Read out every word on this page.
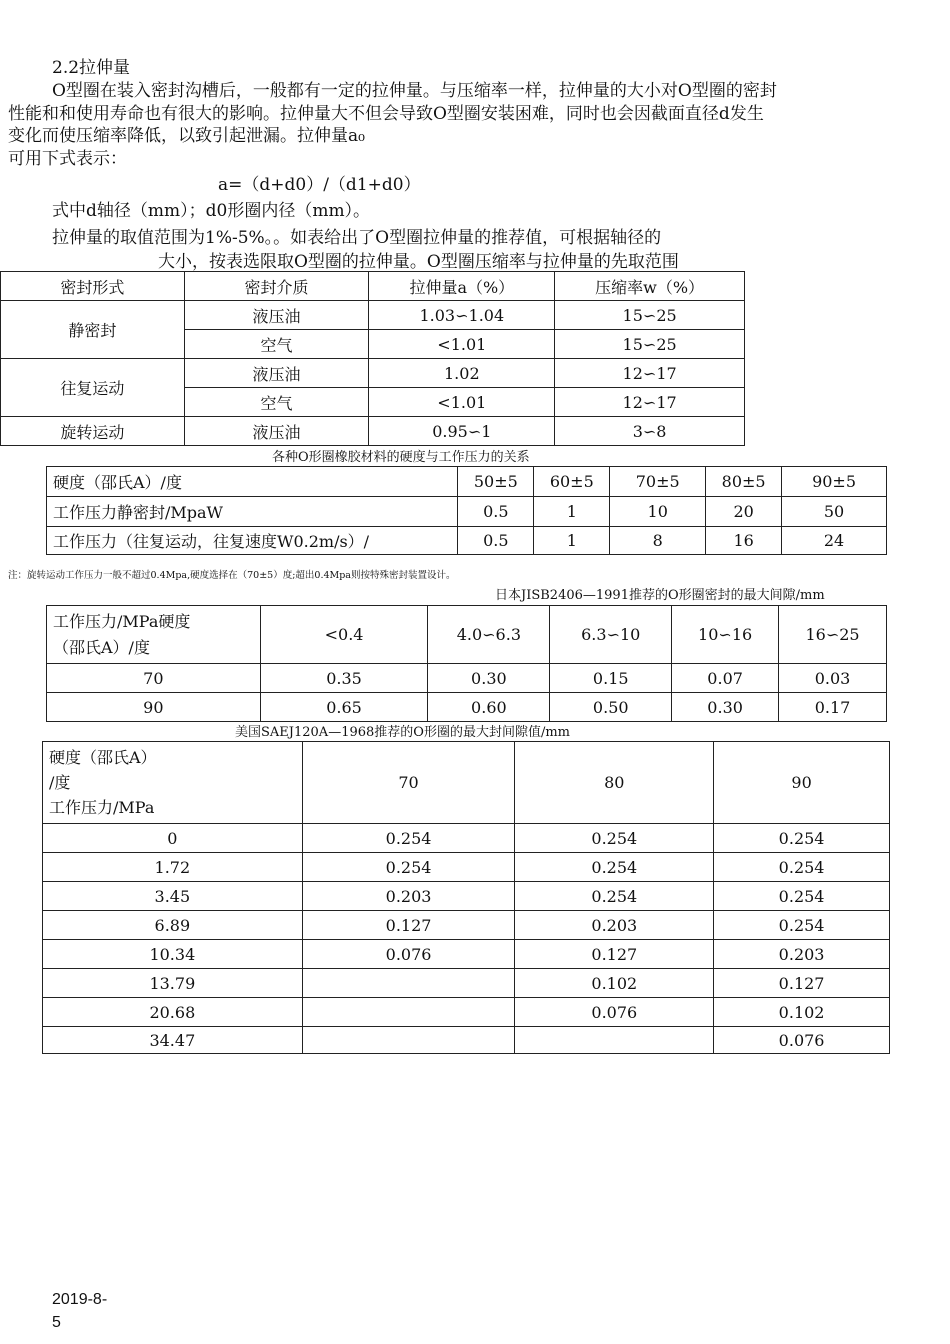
2.2拉伸量
O型圈在装入密封沟槽后，一般都有一定的拉伸量。与压缩率一样，拉伸量的大小对O型圈的密封
性能和和使用寿命也有很大的影响。拉伸量大不但会导致O型圈安装困难，同时也会因截面直径d发生
变化而使压缩率降低，以致引起泄漏。拉伸量a₀
可用下式表示：
a=（d+d0）/（d1+d0）
式中d轴径（mm）；d0形圈内径（mm）。
拉伸量的取值范围为1%-5%。。如表给出了O型圈拉伸量的推荐值，可根据轴径的
大小，按表选限取O型圈的拉伸量。O型圈压缩率与拉伸量的先取范围
密封形式	密封介质	拉伸量a（%）	压缩率w（%）
静密封	液压油	1.03∽1.04	15∽25
	空气	<1.01	15∽25
往复运动	液压油	1.02	12∽17
	空气	<1.01	12∽17
旋转运动	液压油	0.95∽1	3∽8
各种O形圈橡胶材料的硬度与工作压力的关系
硬度（邵氏A）/度	50±5	60±5	70±5	80±5	90±5
工作压力静密封/MpaW	0.5	1	10	20	50
工作压力（往复运动，往复速度W0.2m/s）/	0.5	1	8	16	24
注：旋转运动工作压力一般不超过0.4Mpa,硬度选择在（70±5）度;超出0.4Mpa则按特殊密封装置设计。
日本JISB2406—1991推荐的O形圈密封的最大间隙/mm
工作压力/MPa硬度
（邵氏A）/度	<0.4	4.0∽6.3	6.3∽10	10∽16	16∽25
70	0.35	0.30	0.15	0.07	0.03
90	0.65	0.60	0.50	0.30	0.17
美国SAEJ120A—1968推荐的O形圈的最大封间隙值/mm
硬度（邵氏A）
/度
工作压力/MPa	70	80	90
0	0.254	0.254	0.254
1.72	0.254	0.254	0.254
3.45	0.203	0.254	0.254
6.89	0.127	0.203	0.254
10.34	0.076	0.127	0.203
13.79		0.102	0.127
20.68		0.076	0.102
34.47			0.076
2019-8-
5
